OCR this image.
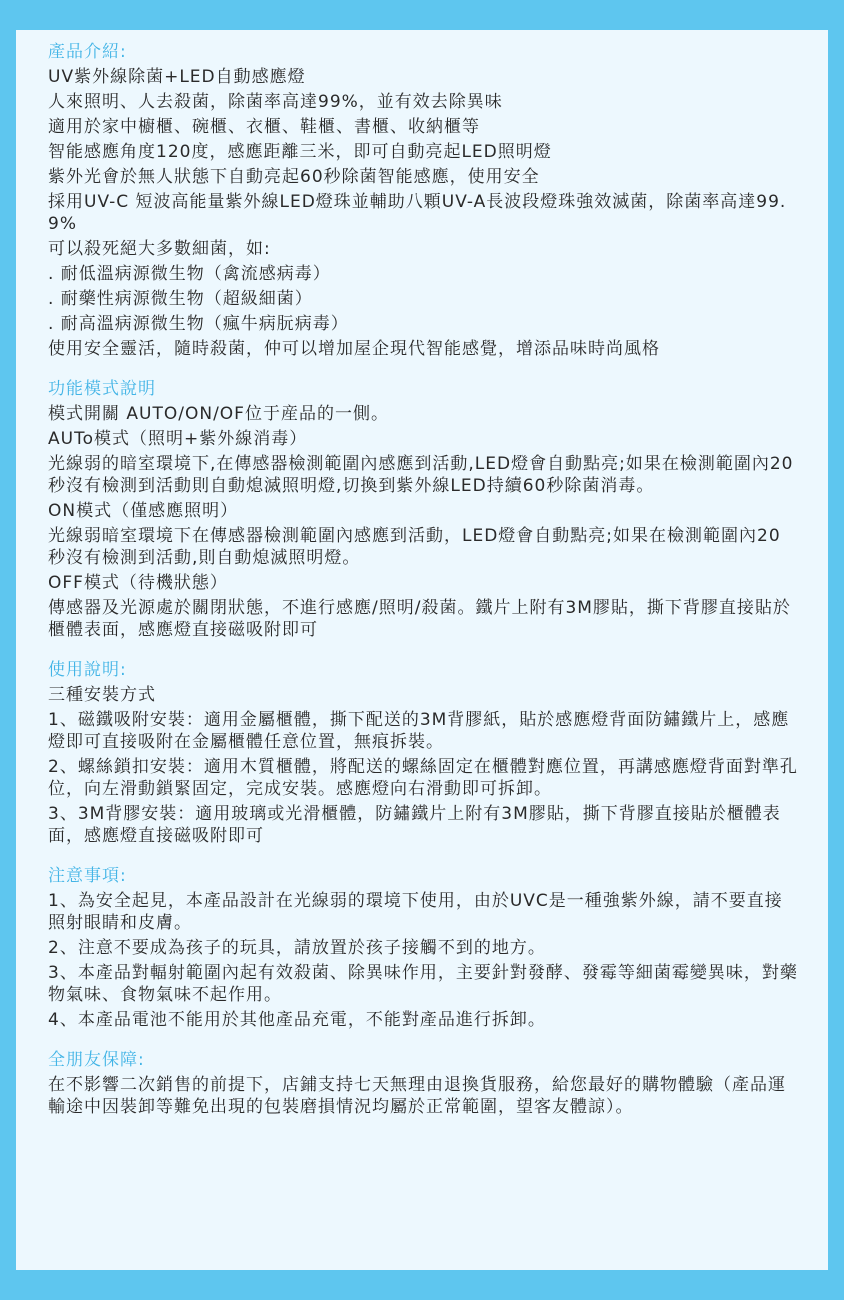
產品介紹:
UV紫外線除菌+LED自動感應燈
人來照明、人去殺菌，除菌率高達99%，並有效去除異味
適用於家中櫥櫃、碗櫃、衣櫃、鞋櫃、書櫃、收納櫃等
智能感應角度120度，感應距離三米，即可自動亮起LED照明燈
紫外光會於無人狀態下自動亮起60秒除菌智能感應，使用安全
採用UV-C 短波高能量紫外線LED燈珠並輔助八顆UV-A長波段燈珠強效滅菌，除菌率高達99.9%
可以殺死絕大多數細菌，如:
. 耐低溫病源微生物（禽流感病毒）
. 耐藥性病源微生物（超級細菌）
. 耐高溫病源微生物（瘋牛病朊病毒）
使用安全靈活，隨時殺菌，仲可以增加屋企現代智能感覺，增添品味時尚風格
功能模式說明
模式開關 AUTO/ON/OF位于産品的一側。
AUTo模式（照明+紫外線消毒）
光線弱的暗室環境下,在傳感器檢測範圍內感應到活動,LED燈會自動點亮;如果在檢測範圍內20秒沒有檢測到活動則自動熄滅照明燈,切換到紫外線LED持續60秒除菌消毒。
ON模式（僅感應照明）
光線弱暗室環境下在傳感器檢測範圍內感應到活動，LED燈會自動點亮;如果在檢測範圍內20秒沒有檢測到活動,則自動熄滅照明燈。
OFF模式（待機狀態）
傳感器及光源處於關閉狀態，不進行感應/照明/殺菌。鐵片上附有3M膠貼，撕下背膠直接貼於櫃體表面，感應燈直接磁吸附即可
使用說明:
三種安裝方式
1、磁鐵吸附安裝：適用金屬櫃體，撕下配送的3M背膠紙，貼於感應燈背面防鏽鐵片上，感應燈即可直接吸附在金屬櫃體任意位置，無痕拆裝。
2、螺絲鎖扣安裝：適用木質櫃體，將配送的螺絲固定在櫃體對應位置，再講感應燈背面對準孔位，向左滑動鎖緊固定，完成安裝。感應燈向右滑動即可拆卸。
3、3M背膠安裝：適用玻璃或光滑櫃體，防鏽鐵片上附有3M膠貼，撕下背膠直接貼於櫃體表面，感應燈直接磁吸附即可
注意事項:
1、為安全起見，本產品設計在光線弱的環境下使用，由於UVC是一種強紫外線，請不要直接照射眼睛和皮膚。
2、注意不要成為孩子的玩具，請放置於孩子接觸不到的地方。
3、本產品對輻射範圍內起有效殺菌、除異味作用，主要針對發酵、發霉等細菌霉變異味，對藥物氣味、食物氣味不起作用。
4、本產品電池不能用於其他產品充電，不能對產品進行拆卸。
全朋友保障:
在不影響二次銷售的前提下，店鋪支持七天無理由退換貨服務，給您最好的購物體驗（產品運輸途中因裝卸等難免出現的包裝磨損情況均屬於正常範圍，望客友體諒）。
